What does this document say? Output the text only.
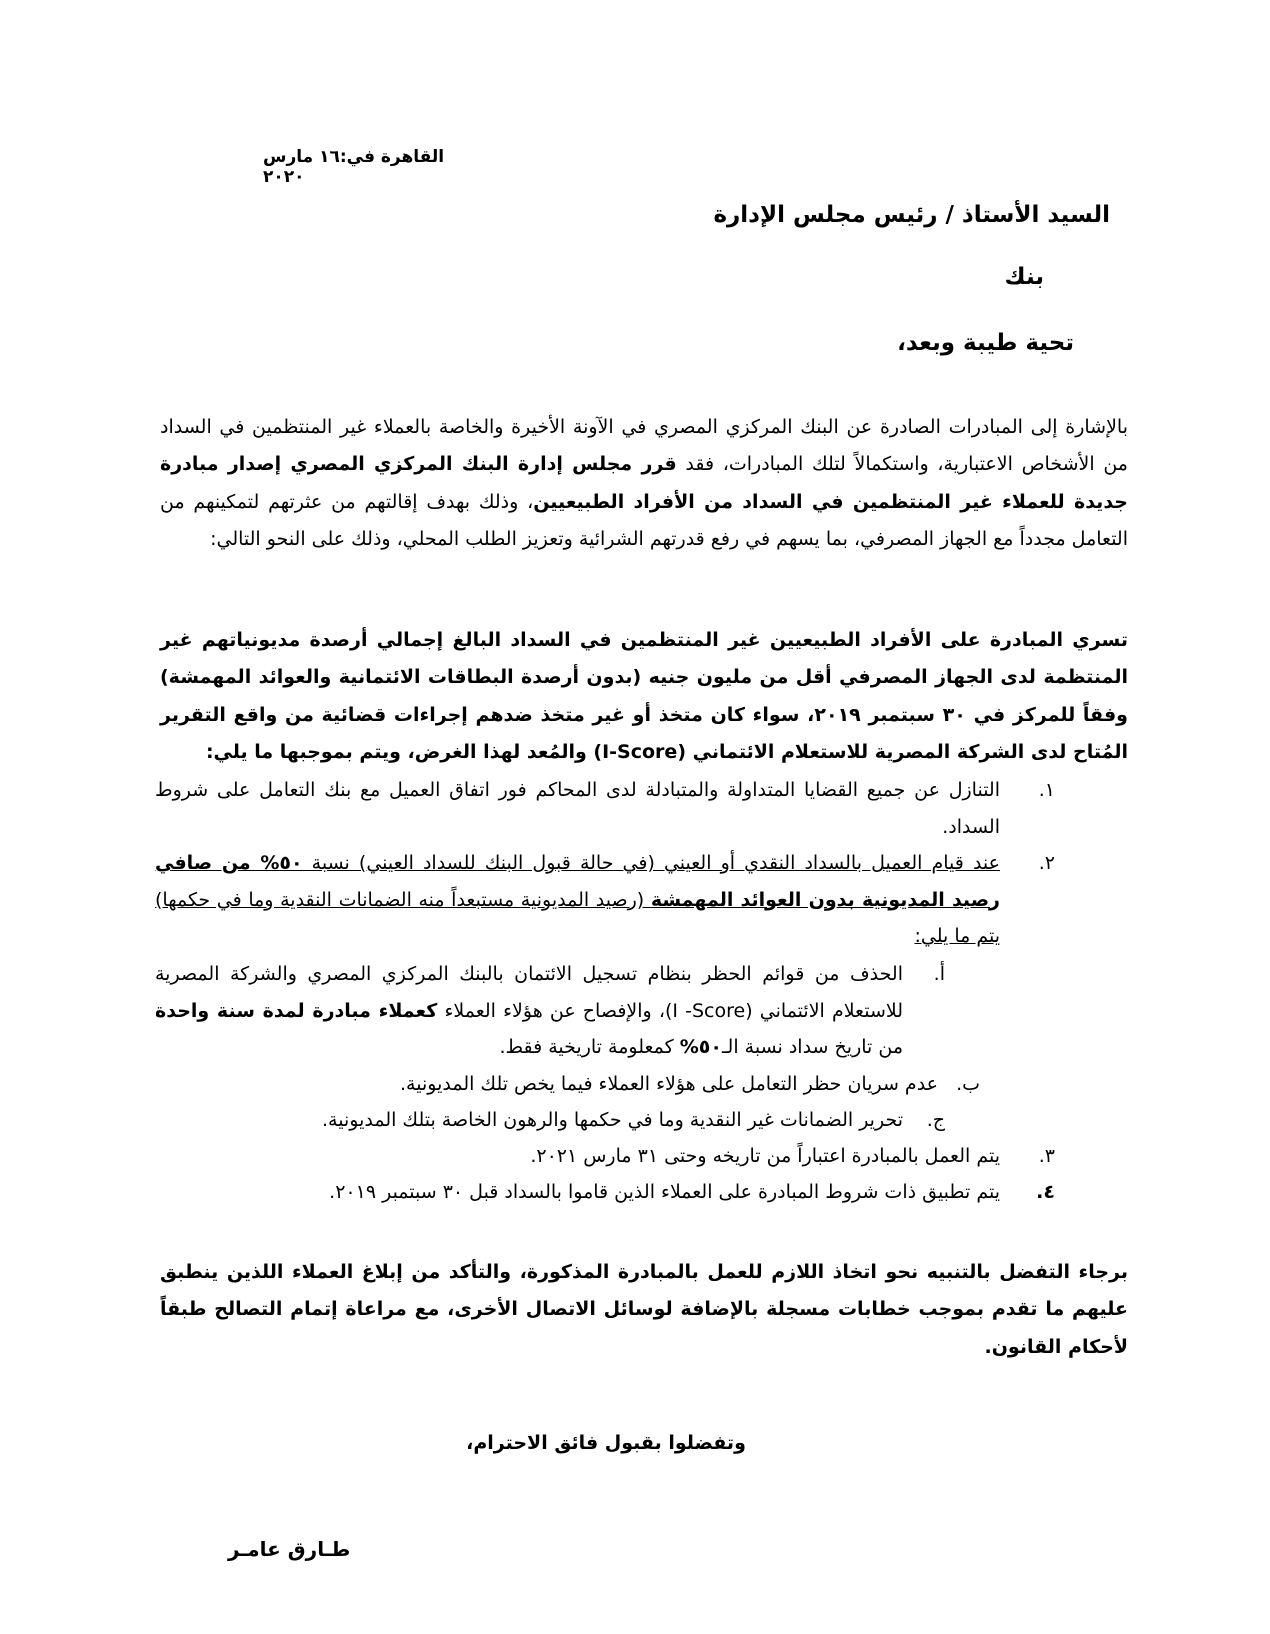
القاهرة في:١٦ مارس ٢٠٢٠
السيد الأستاذ / رئيس مجلس الإدارة
بنك
تحية طيبة وبعد،
بالإشارة إلى المبادرات الصادرة عن البنك المركزي المصري في الآونة الأخيرة والخاصة بالعملاء غير المنتظمين في السداد من الأشخاص الاعتبارية، واستكمالاً لتلك المبادرات، فقد قرر مجلس إدارة البنك المركزي المصري إصدار مبادرة جديدة للعملاء غير المنتظمين في السداد من الأفراد الطبيعيين، وذلك بهدف إقالتهم من عثرتهم لتمكينهم من التعامل مجدداً مع الجهاز المصرفي، بما يسهم في رفع قدرتهم الشرائية وتعزيز الطلب المحلي، وذلك على النحو التالي:
تسري المبادرة على الأفراد الطبيعيين غير المنتظمين في السداد البالغ إجمالي أرصدة مديونياتهم غير المنتظمة لدى الجهاز المصرفي أقل من مليون جنيه (بدون أرصدة البطاقات الائتمانية والعوائد المهمشة) وفقاً للمركز في ٣٠ سبتمبر ٢٠١٩، سواء كان متخذ أو غير متخذ ضدهم إجراءات قضائية من واقع التقرير المُتاح لدى الشركة المصرية للاستعلام الائتماني (I-Score) والمُعد لهذا الغرض، ويتم بموجبها ما يلي:
١.
التنازل عن جميع القضايا المتداولة والمتبادلة لدى المحاكم فور اتفاق العميل مع بنك التعامل على شروط السداد.
٢.
عند قيام العميل بالسداد النقدي أو العيني (في حالة قبول البنك للسداد العيني) نسبة ٥٠% من صافي رصيد المديونية بدون العوائد المهمشة (رصيد المديونية مستبعداً منه الضمانات النقدية وما في حكمها) يتم ما يلي:
أ.
الحذف من قوائم الحظر بنظام تسجيل الائتمان بالبنك المركزي المصري والشركة المصرية للاستعلام الائتماني (I -Score)، والإفصاح عن هؤلاء العملاء كعملاء مبادرة لمدة سنة واحدة من تاريخ سداد نسبة الـ٥٠% كمعلومة تاريخية فقط.
ب.
عدم سريان حظر التعامل على هؤلاء العملاء فيما يخص تلك المديونية.
ج.
تحرير الضمانات غير النقدية وما في حكمها والرهون الخاصة بتلك المديونية.
٣.
يتم العمل بالمبادرة اعتباراً من تاريخه وحتى ٣١ مارس ٢٠٢١.
٤.
يتم تطبيق ذات شروط المبادرة على العملاء الذين قاموا بالسداد قبل ٣٠ سبتمبر ٢٠١٩.
برجاء التفضل بالتنبيه نحو اتخاذ اللازم للعمل بالمبادرة المذكورة، والتأكد من إبلاغ العملاء اللذين ينطبق عليهم ما تقدم بموجب خطابات مسجلة بالإضافة لوسائل الاتصال الأخرى، مع مراعاة إتمام التصالح طبقاً لأحكام القانون.
وتفضلوا بقبول فائق الاحترام،
طـارق عامـر
